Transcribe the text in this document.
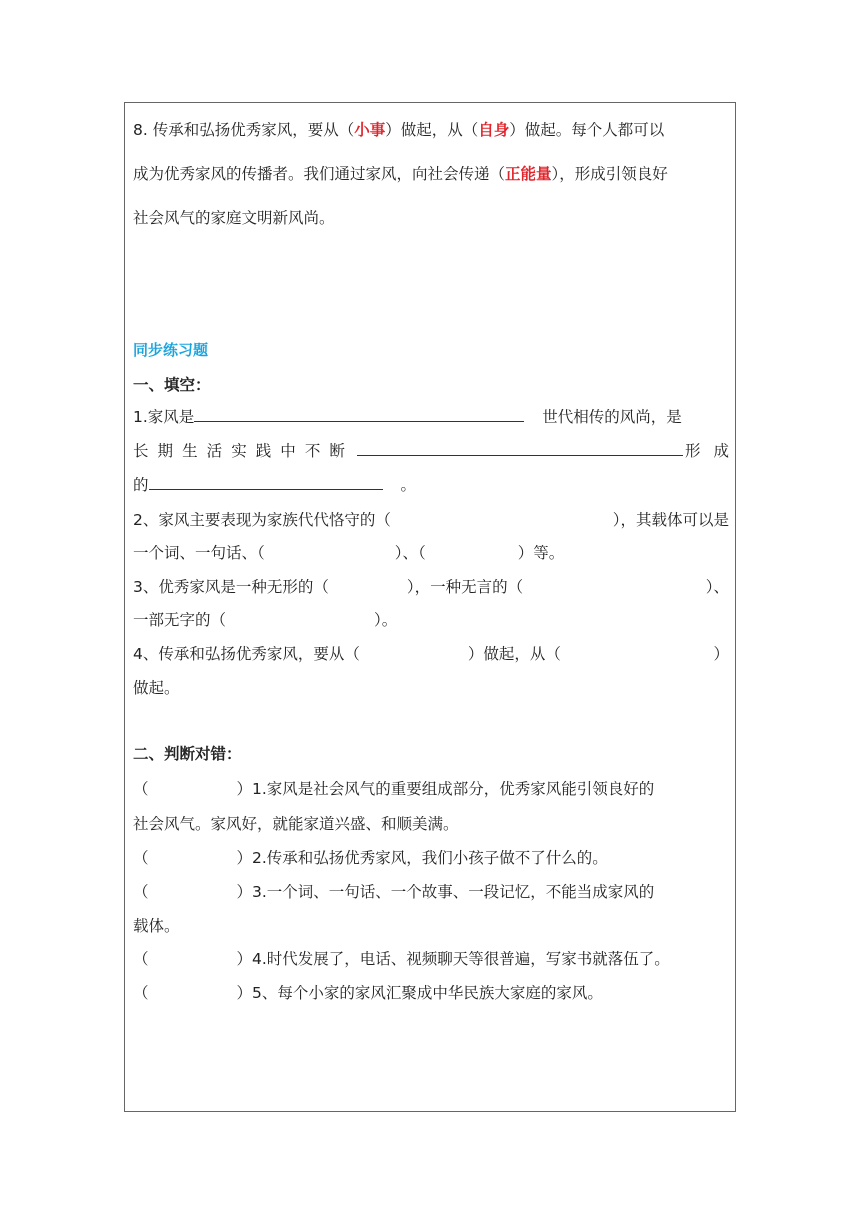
8. 传承和弘扬优秀家风，要从（小事）做起，从（自身）做起。每个人都可以
成为优秀家风的传播者。我们通过家风，向社会传递（正能量），形成引领良好
社会风气的家庭文明新风尚。
同步练习题
一、填空：
1.家风是	世代相传的风尚，是
长 期 生 活 实 践 中 不 断	形 成
的	。
2、家风主要表现为家族代代恪守的（	），其载体可以是
一个词、一句话、（	）、（	）等。
3、优秀家风是一种无形的（	），一种无言的（	）、
一部无字的（	）。
4、传承和弘扬优秀家风，要从（	）做起，从（	）
做起。
二、判断对错：
（	）1.家风是社会风气的重要组成部分，优秀家风能引领良好的
社会风气。家风好，就能家道兴盛、和顺美满。
（	）2.传承和弘扬优秀家风，我们小孩子做不了什么的。
（	）3.一个词、一句话、一个故事、一段记忆，不能当成家风的
载体。
（	）4.时代发展了，电话、视频聊天等很普遍，写家书就落伍了。
（	）5、每个小家的家风汇聚成中华民族大家庭的家风。
